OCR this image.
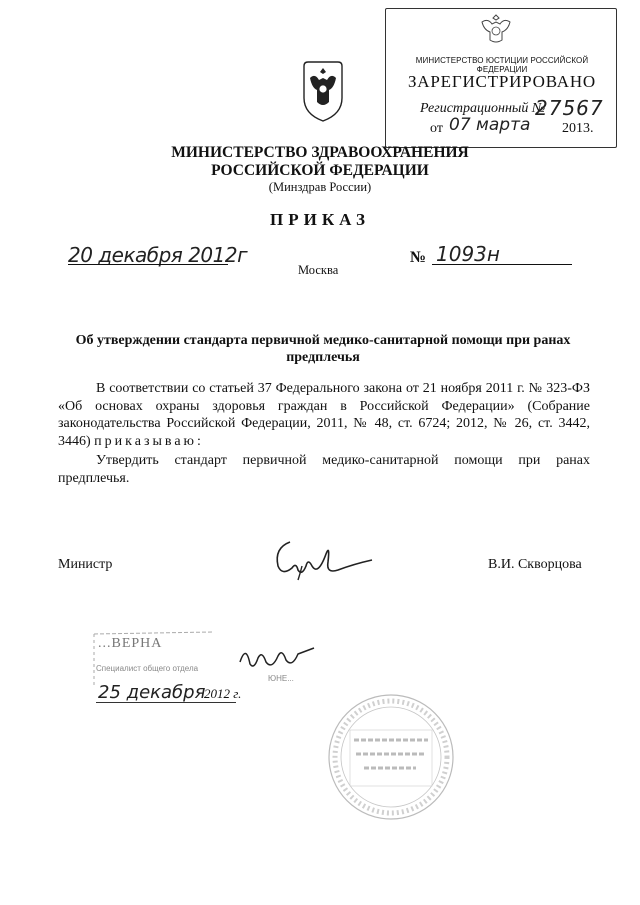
МИНИСТЕРСТВО ЮСТИЦИИ РОССИЙСКОЙ ФЕДЕРАЦИИ
ЗАРЕГИСТРИРОВАНО
Регистрационный №
27567
от 07 марта 2013.
МИНИСТЕРСТВО ЗДРАВООХРАНЕНИЯ
РОССИЙСКОЙ ФЕДЕРАЦИИ
(Минздрав России)
ПРИКАЗ
20 декабря 2012г	№ 1093н
Москва
Об утверждении стандарта первичной медико-санитарной помощи при ранах предплечья
В соответствии со статьей 37 Федерального закона от 21 ноября 2011 г. № 323-ФЗ «Об основах охраны здоровья граждан в Российской Федерации» (Собрание законодательства Российской Федерации, 2011, № 48, ст. 6724; 2012, № 26, ст. 3442, 3446) приказываю:
Утвердить стандарт первичной медико-санитарной помощи при ранах предплечья.
Министр	В.И. Скворцова
...ВЕРНА
Специалист общего отдела
ЮНЕ...
25 декабря
2012 г.
